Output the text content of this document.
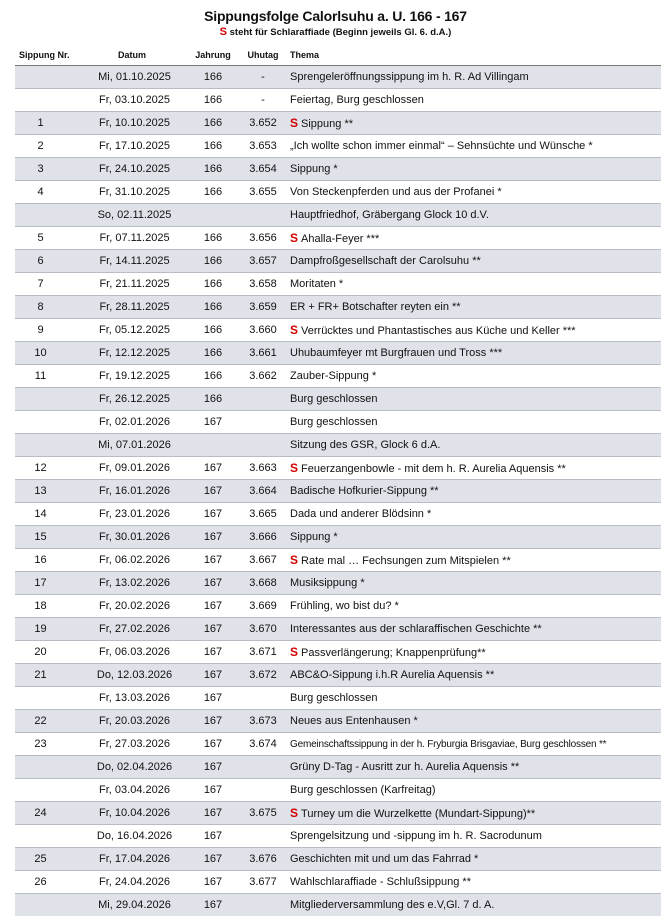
Sippungsfolge Calorlsuhu a. U. 166 - 167
S steht für Schlaraffiade (Beginn jeweils Gl. 6. d.A.)
Sippung Nr.	Datum	Jahrung	Uhutag	Thema
	Mi, 01.10.2025	166	-	Sprengeleröffnungssippung im h. R. Ad Villingam
	Fr, 03.10.2025	166	-	Feiertag, Burg geschlossen
1	Fr, 10.10.2025	166	3.652	S Sippung **
2	Fr, 17.10.2025	166	3.653	„Ich wollte schon immer einmal“ – Sehnsüchte und Wünsche *
3	Fr, 24.10.2025	166	3.654	Sippung *
4	Fr, 31.10.2025	166	3.655	Von Steckenpferden und aus der Profanei *
	So, 02.11.2025			Hauptfriedhof, Gräbergang Glock 10 d.V.
5	Fr, 07.11.2025	166	3.656	S Ahalla-Feyer ***
6	Fr, 14.11.2025	166	3.657	Dampfroßgesellschaft der Carolsuhu **
7	Fr, 21.11.2025	166	3.658	Moritaten *
8	Fr, 28.11.2025	166	3.659	ER + FR+ Botschafter reyten ein **
9	Fr, 05.12.2025	166	3.660	S Verrücktes und Phantastisches aus Küche und Keller ***
10	Fr, 12.12.2025	166	3.661	Uhubaumfeyer mt Burgfrauen und Tross ***
11	Fr, 19.12.2025	166	3.662	Zauber-Sippung *
	Fr, 26.12.2025	166		Burg geschlossen
	Fr, 02.01.2026	167		Burg geschlossen
	Mi, 07.01.2026			Sitzung des GSR, Glock 6 d.A.
12	Fr, 09.01.2026	167	3.663	S Feuerzangenbowle - mit dem h. R. Aurelia Aquensis **
13	Fr, 16.01.2026	167	3.664	Badische Hofkurier-Sippung **
14	Fr, 23.01.2026	167	3.665	Dada und anderer Blödsinn *
15	Fr, 30.01.2026	167	3.666	Sippung *
16	Fr, 06.02.2026	167	3.667	S Rate mal … Fechsungen zum Mitspielen **
17	Fr, 13.02.2026	167	3.668	Musiksippung *
18	Fr, 20.02.2026	167	3.669	Frühling, wo bist du? *
19	Fr, 27.02.2026	167	3.670	Interessantes aus der schlaraffischen Geschichte **
20	Fr, 06.03.2026	167	3.671	S Passverlängerung; Knappenprüfung**
21	Do, 12.03.2026	167	3.672	ABC&O-Sippung i.h.R Aurelia Aquensis **
	Fr, 13.03.2026	167		Burg geschlossen
22	Fr, 20.03.2026	167	3.673	Neues aus Entenhausen *
23	Fr, 27.03.2026	167	3.674	Gemeinschaftssippung in der h. Fryburgia Brisgaviae, Burg geschlossen **
	Do, 02.04.2026	167		Grüny D-Tag - Ausritt zur h. Aurelia Aquensis **
	Fr, 03.04.2026	167		Burg geschlossen (Karfreitag)
24	Fr, 10.04.2026	167	3.675	S Turney um die Wurzelkette (Mundart-Sippung)**
	Do, 16.04.2026	167		Sprengelsitzung und -sippung im h. R. Sacrodunum
25	Fr, 17.04.2026	167	3.676	Geschichten mit und um das Fahrrad *
26	Fr, 24.04.2026	167	3.677	Wahlschlaraffiade - Schlußsippung **
	Mi, 29.04.2026	167		Mitgliederversammlung des e.V,Gl. 7 d. A.
